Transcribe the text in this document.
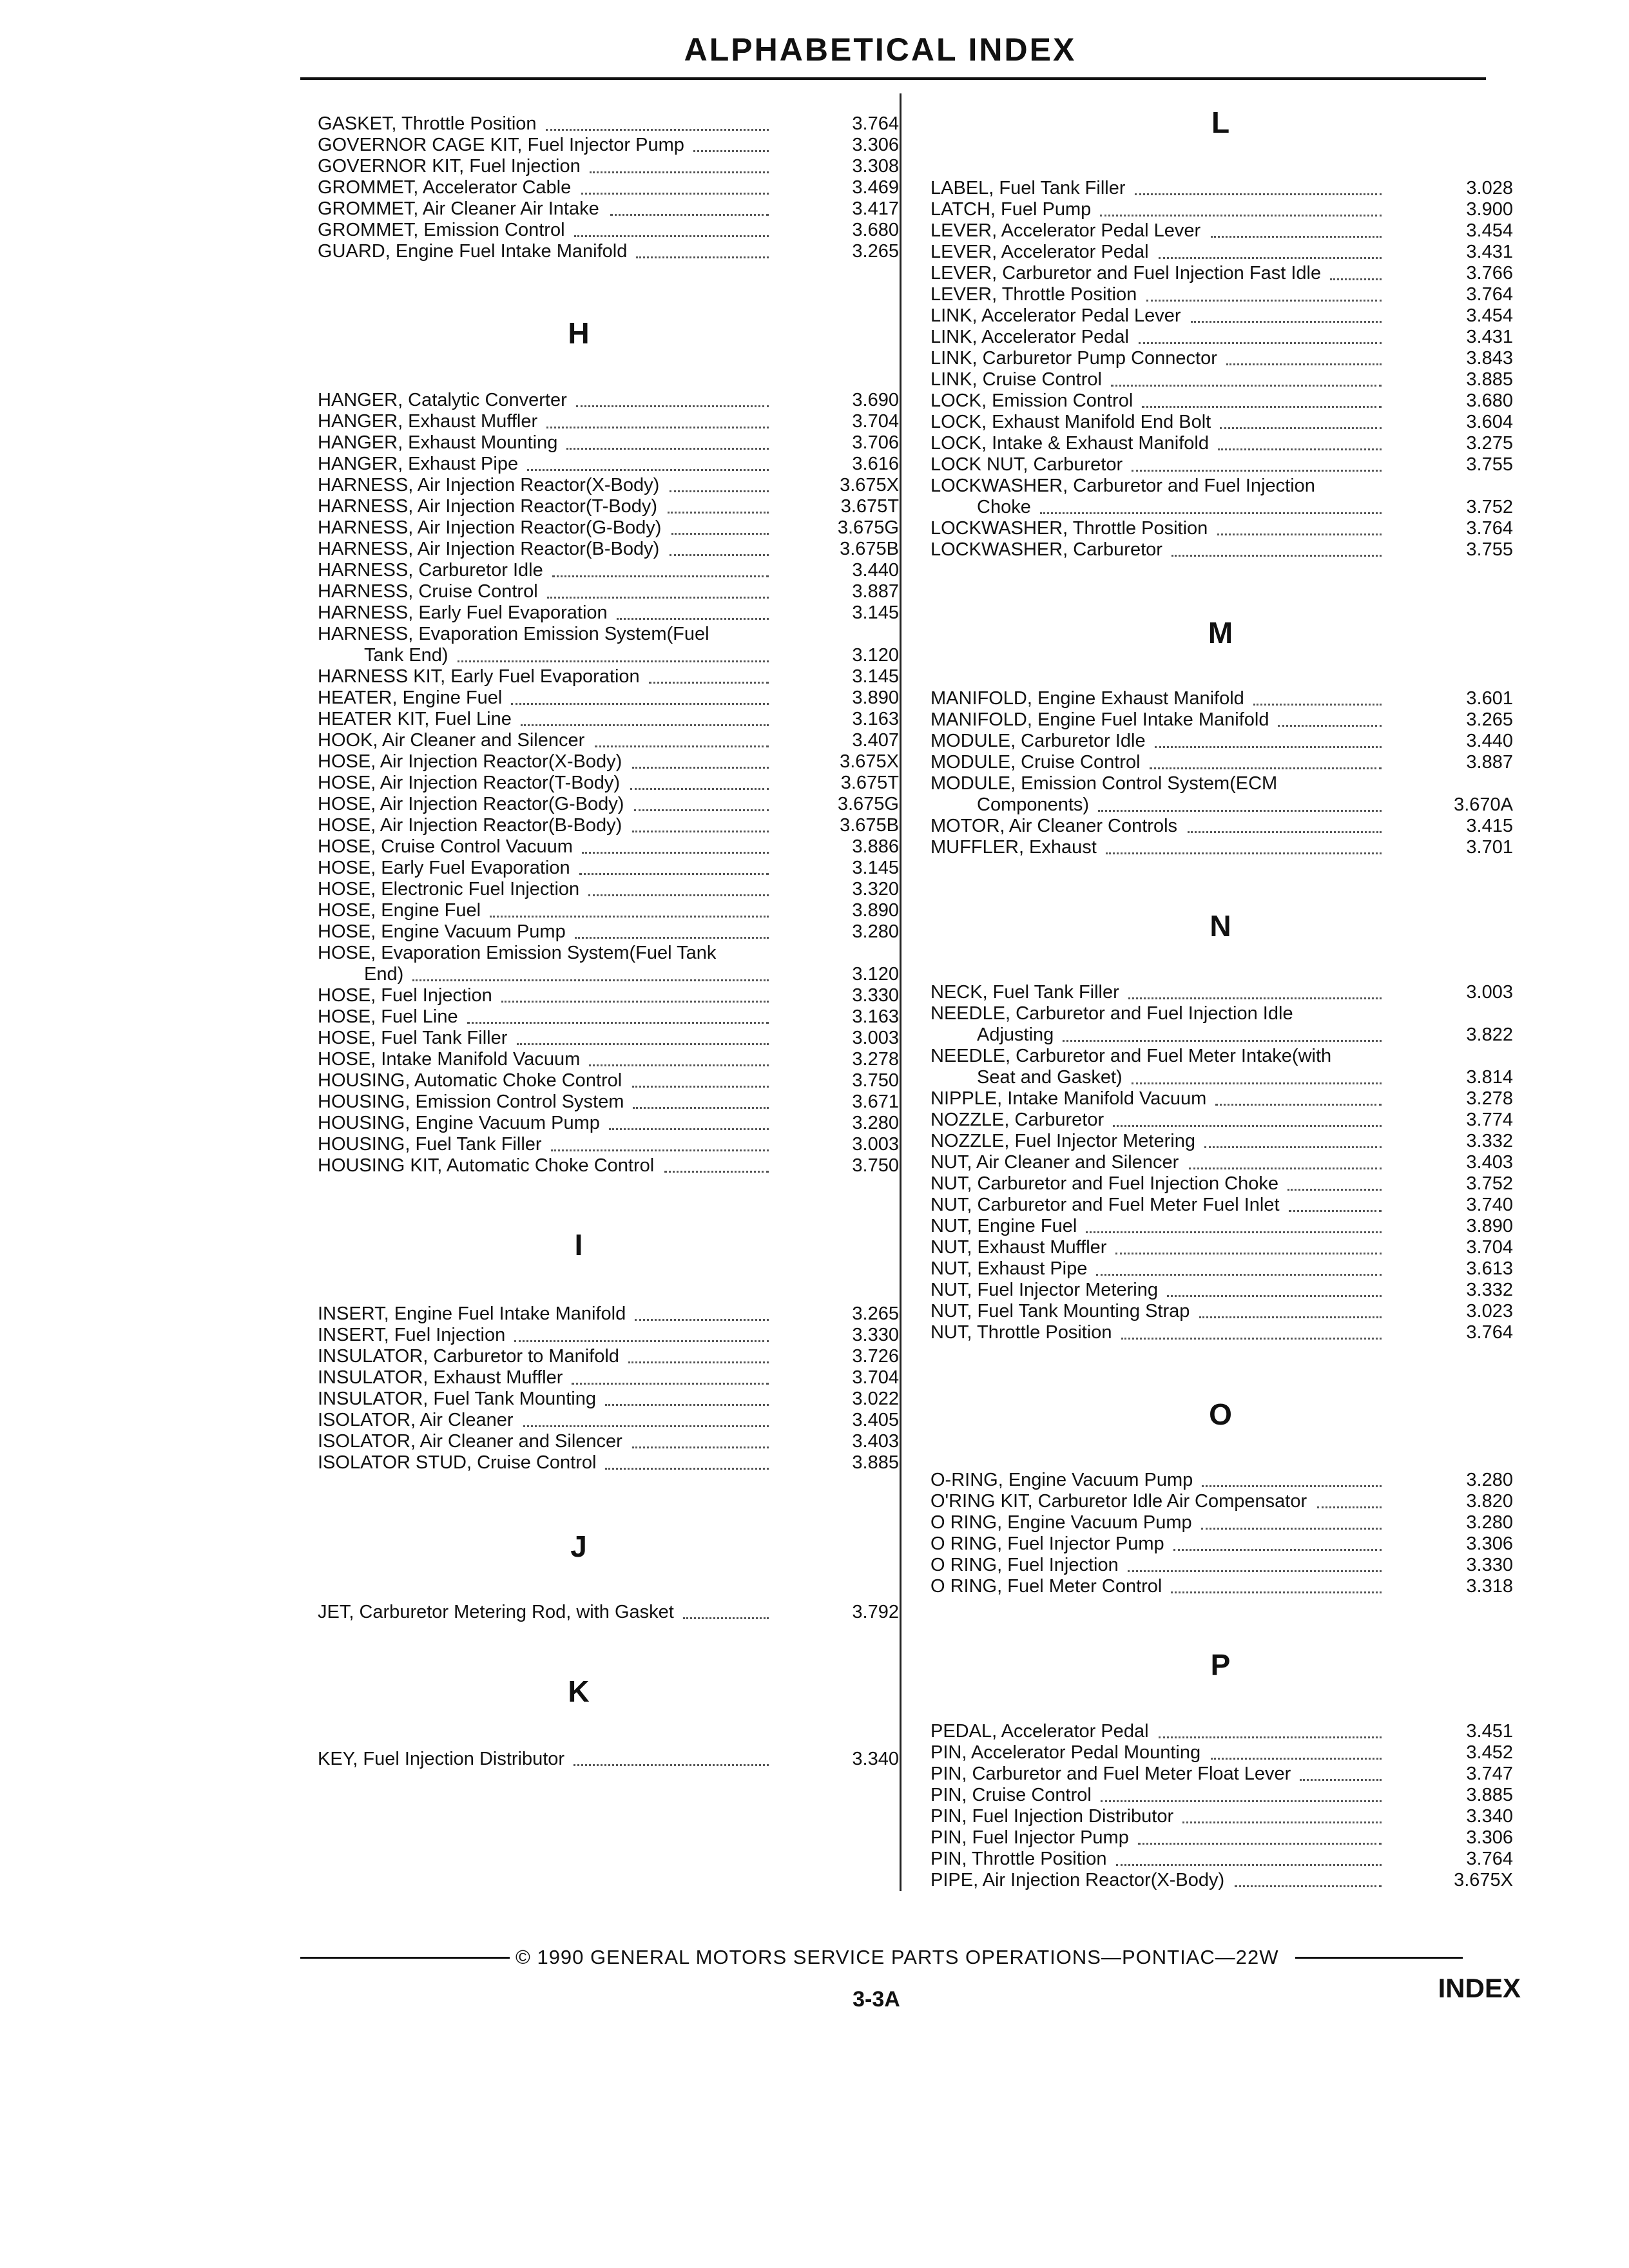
ALPHABETICAL INDEX
GASKET, Throttle Position	3.764
GOVERNOR CAGE KIT, Fuel Injector Pump	3.306
GOVERNOR KIT, Fuel Injection	3.308
GROMMET, Accelerator Cable	3.469
GROMMET, Air Cleaner Air Intake	3.417
GROMMET, Emission Control	3.680
GUARD, Engine Fuel Intake Manifold	3.265
H
HANGER, Catalytic Converter	3.690
HANGER, Exhaust Muffler	3.704
HANGER, Exhaust Mounting	3.706
HANGER, Exhaust Pipe	3.616
HARNESS, Air Injection Reactor(X-Body)	3.675X
HARNESS, Air Injection Reactor(T-Body)	3.675T
HARNESS, Air Injection Reactor(G-Body)	3.675G
HARNESS, Air Injection Reactor(B-Body)	3.675B
HARNESS, Carburetor Idle	3.440
HARNESS, Cruise Control	3.887
HARNESS, Early Fuel Evaporation	3.145
HARNESS, Evaporation Emission System(Fuel
Tank End)	3.120
HARNESS KIT, Early Fuel Evaporation	3.145
HEATER, Engine Fuel	3.890
HEATER KIT, Fuel Line	3.163
HOOK, Air Cleaner and Silencer	3.407
HOSE, Air Injection Reactor(X-Body)	3.675X
HOSE, Air Injection Reactor(T-Body)	3.675T
HOSE, Air Injection Reactor(G-Body)	3.675G
HOSE, Air Injection Reactor(B-Body)	3.675B
HOSE, Cruise Control Vacuum	3.886
HOSE, Early Fuel Evaporation	3.145
HOSE, Electronic Fuel Injection	3.320
HOSE, Engine Fuel	3.890
HOSE, Engine Vacuum Pump	3.280
HOSE, Evaporation Emission System(Fuel Tank
End)	3.120
HOSE, Fuel Injection	3.330
HOSE, Fuel Line	3.163
HOSE, Fuel Tank Filler	3.003
HOSE, Intake Manifold Vacuum	3.278
HOUSING, Automatic Choke Control	3.750
HOUSING, Emission Control System	3.671
HOUSING, Engine Vacuum Pump	3.280
HOUSING, Fuel Tank Filler	3.003
HOUSING KIT, Automatic Choke Control	3.750
I
INSERT, Engine Fuel Intake Manifold	3.265
INSERT, Fuel Injection	3.330
INSULATOR, Carburetor to Manifold	3.726
INSULATOR, Exhaust Muffler	3.704
INSULATOR, Fuel Tank Mounting	3.022
ISOLATOR, Air Cleaner	3.405
ISOLATOR, Air Cleaner and Silencer	3.403
ISOLATOR STUD, Cruise Control	3.885
J
JET, Carburetor Metering Rod, with Gasket	3.792
K
KEY, Fuel Injection Distributor	3.340
L
LABEL, Fuel Tank Filler	3.028
LATCH, Fuel Pump	3.900
LEVER, Accelerator Pedal Lever	3.454
LEVER, Accelerator Pedal	3.431
LEVER, Carburetor and Fuel Injection Fast Idle	3.766
LEVER, Throttle Position	3.764
LINK, Accelerator Pedal Lever	3.454
LINK, Accelerator Pedal	3.431
LINK, Carburetor Pump Connector	3.843
LINK, Cruise Control	3.885
LOCK, Emission Control	3.680
LOCK, Exhaust Manifold End Bolt	3.604
LOCK, Intake & Exhaust Manifold	3.275
LOCK NUT, Carburetor	3.755
LOCKWASHER, Carburetor and Fuel Injection
Choke	3.752
LOCKWASHER, Throttle Position	3.764
LOCKWASHER, Carburetor	3.755
M
MANIFOLD, Engine Exhaust Manifold	3.601
MANIFOLD, Engine Fuel Intake Manifold	3.265
MODULE, Carburetor Idle	3.440
MODULE, Cruise Control	3.887
MODULE, Emission Control System(ECM
Components)	3.670A
MOTOR, Air Cleaner Controls	3.415
MUFFLER, Exhaust	3.701
N
NECK, Fuel Tank Filler	3.003
NEEDLE, Carburetor and Fuel Injection Idle
Adjusting	3.822
NEEDLE, Carburetor and Fuel Meter Intake(with
Seat and Gasket)	3.814
NIPPLE, Intake Manifold Vacuum	3.278
NOZZLE, Carburetor	3.774
NOZZLE, Fuel Injector Metering	3.332
NUT, Air Cleaner and Silencer	3.403
NUT, Carburetor and Fuel Injection Choke	3.752
NUT, Carburetor and Fuel Meter Fuel Inlet	3.740
NUT, Engine Fuel	3.890
NUT, Exhaust Muffler	3.704
NUT, Exhaust Pipe	3.613
NUT, Fuel Injector Metering	3.332
NUT, Fuel Tank Mounting Strap	3.023
NUT, Throttle Position	3.764
O
O-RING, Engine Vacuum Pump	3.280
O'RING KIT, Carburetor Idle Air Compensator	3.820
O RING, Engine Vacuum Pump	3.280
O RING, Fuel Injector Pump	3.306
O RING, Fuel Injection	3.330
O RING, Fuel Meter Control	3.318
P
PEDAL, Accelerator Pedal	3.451
PIN, Accelerator Pedal Mounting	3.452
PIN, Carburetor and Fuel Meter Float Lever	3.747
PIN, Cruise Control	3.885
PIN, Fuel Injection Distributor	3.340
PIN, Fuel Injector Pump	3.306
PIN, Throttle Position	3.764
PIPE, Air Injection Reactor(X-Body)	3.675X
© 1990 GENERAL MOTORS SERVICE PARTS OPERATIONS—PONTIAC—22W
3-3A	INDEX
